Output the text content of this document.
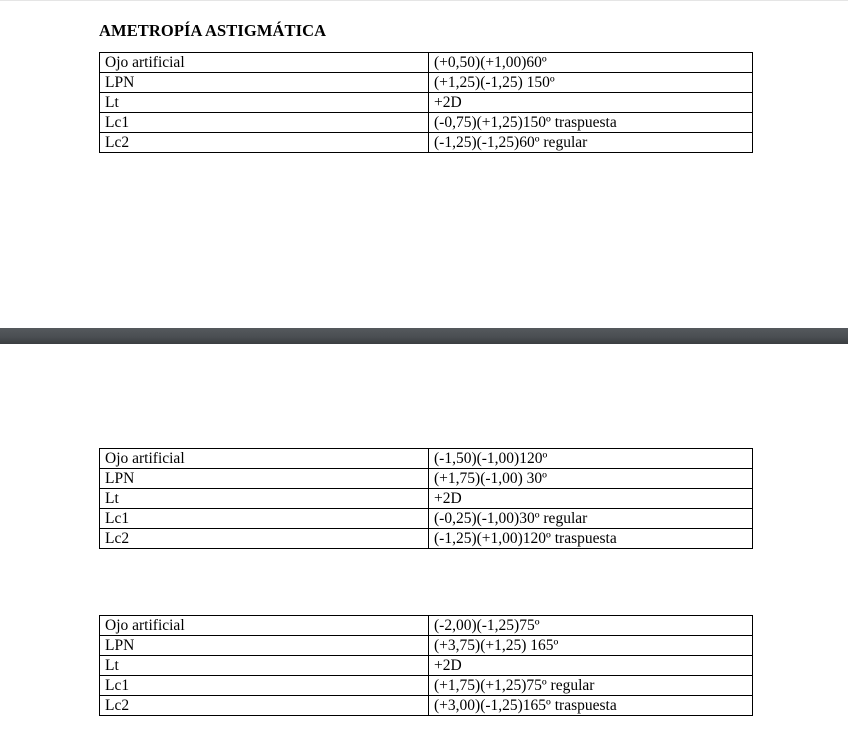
AMETROPÍA ASTIGMÁTICA
Ojo artificial	(+0,50)(+1,00)60º
LPN	(+1,25)(-1,25) 150º
Lt	+2D
Lc1	(-0,75)(+1,25)150º traspuesta
Lc2	(-1,25)(-1,25)60º regular
Ojo artificial	(-1,50)(-1,00)120º
LPN	(+1,75)(-1,00) 30º
Lt	+2D
Lc1	(-0,25)(-1,00)30º regular
Lc2	(-1,25)(+1,00)120º traspuesta
Ojo artificial	(-2,00)(-1,25)75º
LPN	(+3,75)(+1,25) 165º
Lt	+2D
Lc1	(+1,75)(+1,25)75º regular
Lc2	(+3,00)(-1,25)165º traspuesta
